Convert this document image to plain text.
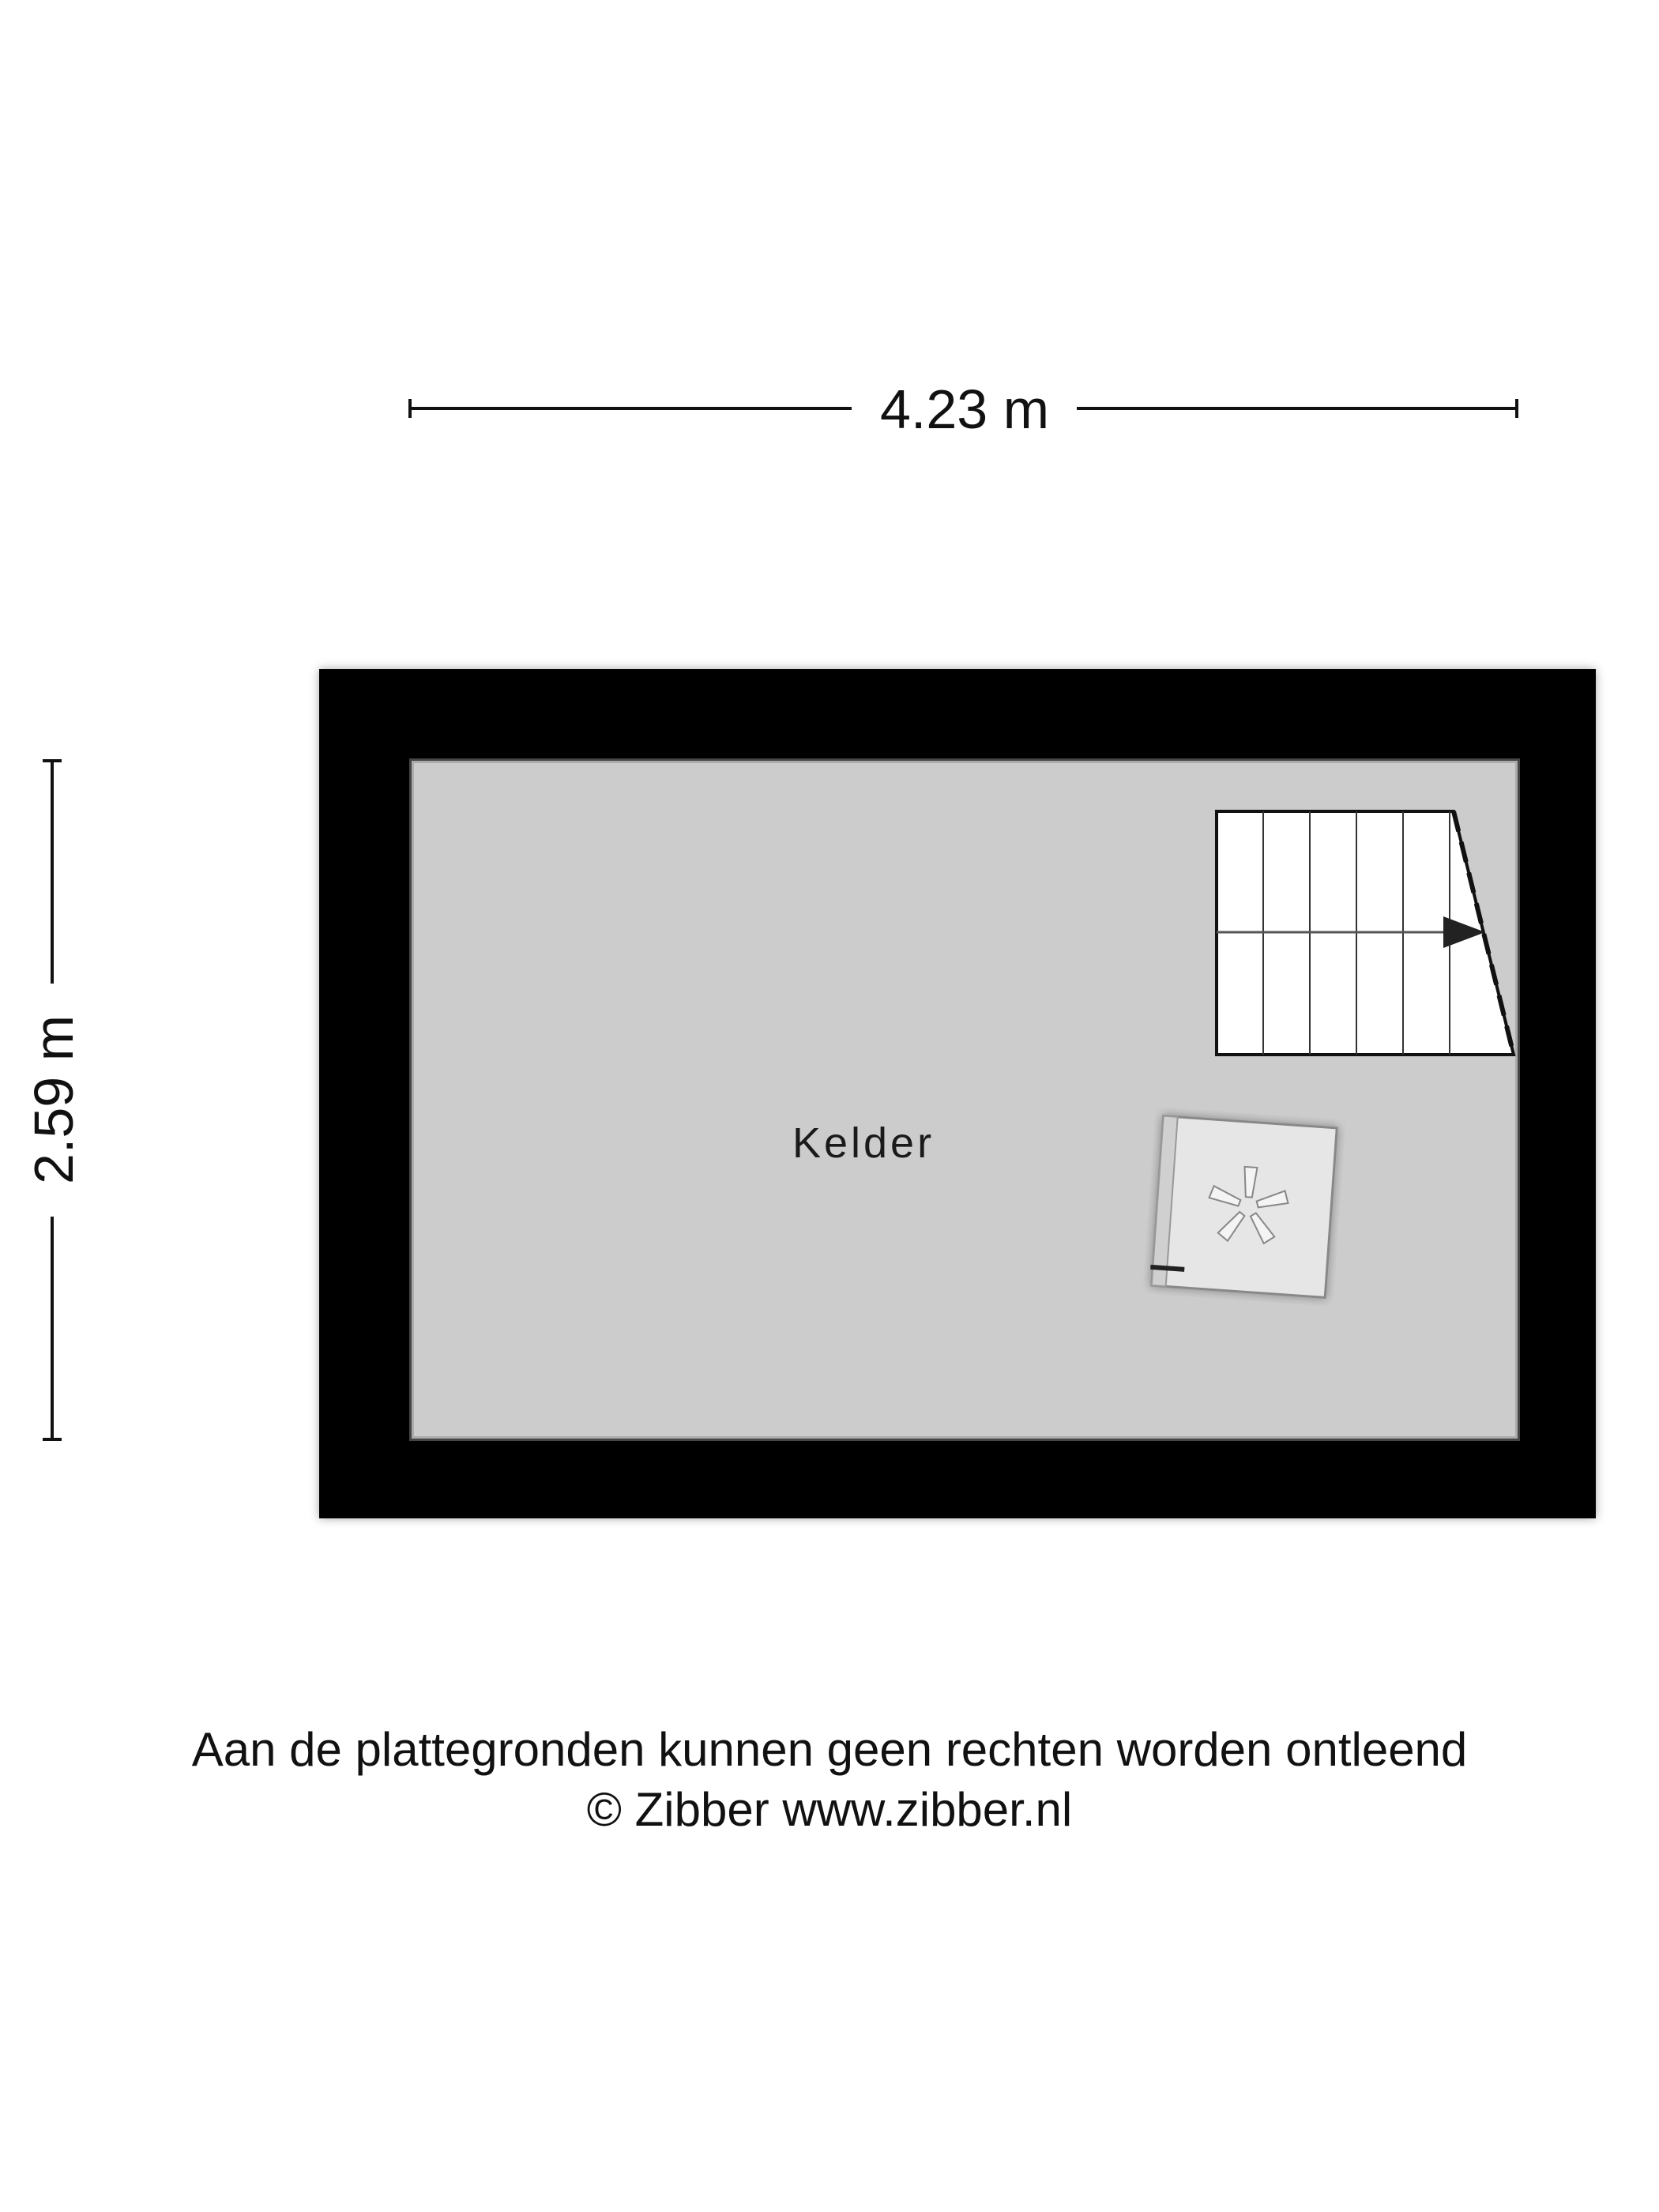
4.23 m
2.59 m	Kelder
Aan de plattegronden kunnen geen rechten worden ontleend
© Zibber www.zibber.nl
